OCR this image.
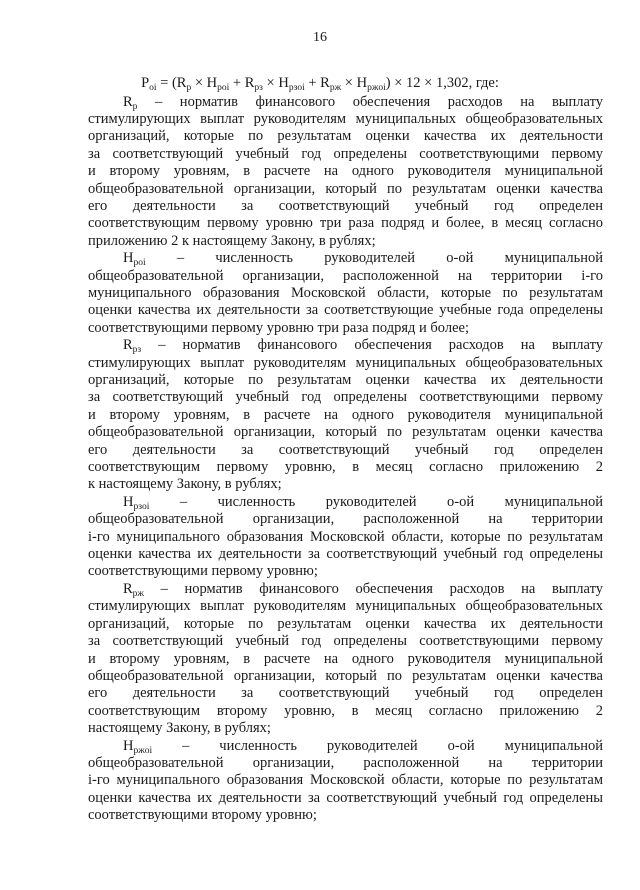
16
$P_{oi} = (R_p \times H_{poi} + R_{pз} \times H_{pзoi} + R_{pж} \times H_{pжoi}) \times 12 \times 1,302$, где:
$R_p$ – норматив финансового обеспечения расходов на выплату
стимулирующих выплат руководителям муниципальных общеобразовательных
организаций, которые по результатам оценки качества их деятельности
за соответствующий учебный год определены соответствующими первому
и второму уровням, в расчете на одного руководителя муниципальной
общеобразовательной организации, который по результатам оценки качества
его деятельности за соответствующий учебный год определен
соответствующим первому уровню три раза подряд и более, в месяц согласно
приложению 2 к настоящему Закону, в рублях;
$H_{poi}$ – численность руководителей о-ой муниципальной
общеобразовательной организации, расположенной на территории i-го
муниципального образования Московской области, которые по результатам
оценки качества их деятельности за соответствующие учебные года определены
соответствующими первому уровню три раза подряд и более;
$R_{pз}$ – норматив финансового обеспечения расходов на выплату
стимулирующих выплат руководителям муниципальных общеобразовательных
организаций, которые по результатам оценки качества их деятельности
за соответствующий учебный год определены соответствующими первому
и второму уровням, в расчете на одного руководителя муниципальной
общеобразовательной организации, который по результатам оценки качества
его деятельности за соответствующий учебный год определен
соответствующим первому уровню, в месяц согласно приложению 2
к настоящему Закону, в рублях;
$H_{pзoi}$ – численность руководителей о-ой муниципальной
общеобразовательной организации, расположенной на территории
i-го муниципального образования Московской области, которые по результатам
оценки качества их деятельности за соответствующий учебный год определены
соответствующими первому уровню;
$R_{pж}$ – норматив финансового обеспечения расходов на выплату
стимулирующих выплат руководителям муниципальных общеобразовательных
организаций, которые по результатам оценки качества их деятельности
за соответствующий учебный год определены соответствующими первому
и второму уровням, в расчете на одного руководителя муниципальной
общеобразовательной организации, который по результатам оценки качества
его деятельности за соответствующий учебный год определен
соответствующим второму уровню, в месяц согласно приложению 2
настоящему Закону, в рублях;
$H_{pжoi}$ – численность руководителей о-ой муниципальной
общеобразовательной организации, расположенной на территории
i-го муниципального образования Московской области, которые по результатам
оценки качества их деятельности за соответствующий учебный год определены
соответствующими второму уровню;
